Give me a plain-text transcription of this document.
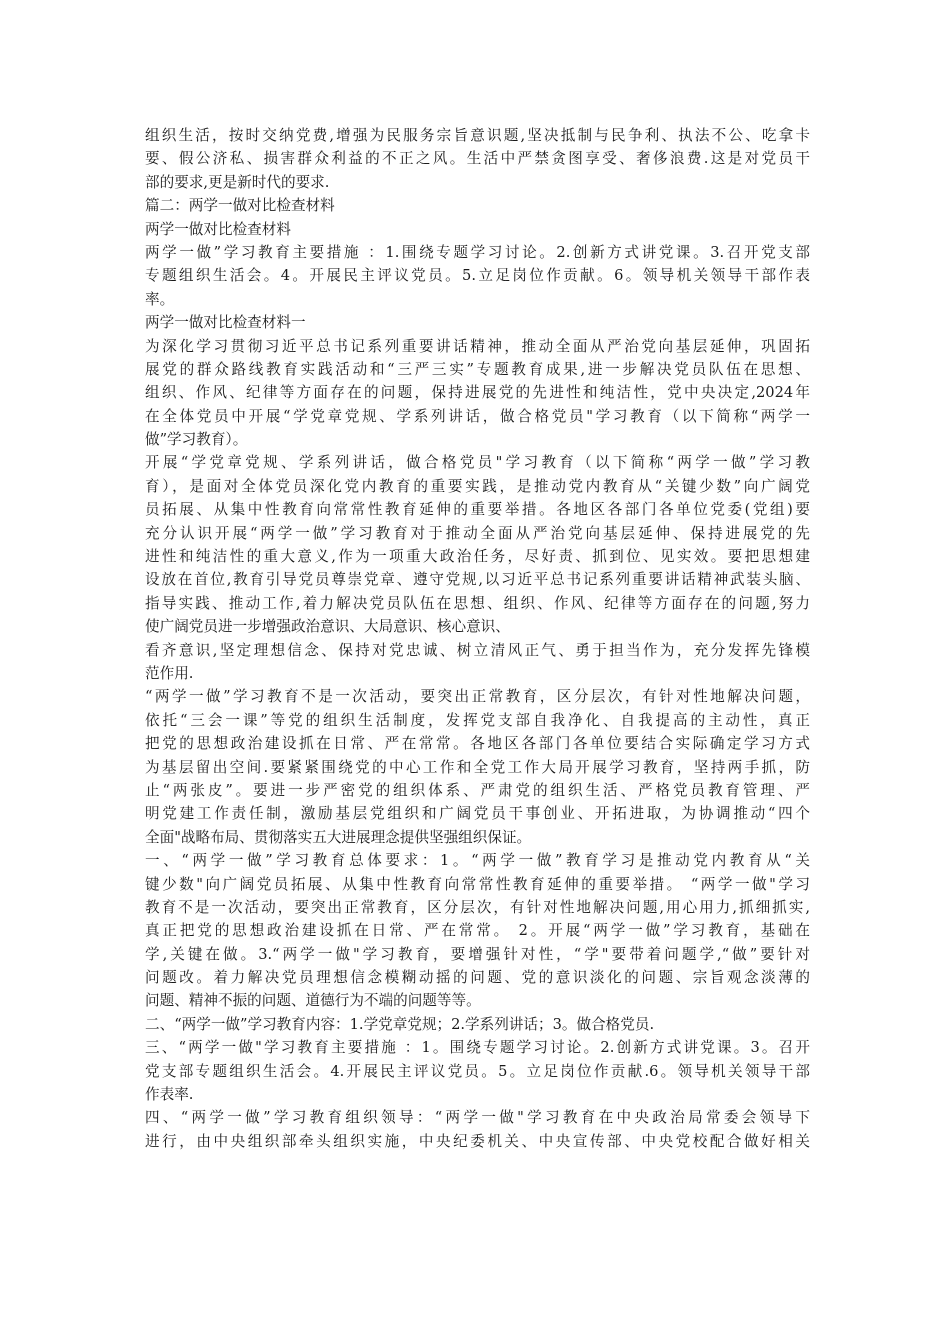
组织生活，按时交纳党费,增强为民服务宗旨意识题,坚决抵制与民争利、执法不公、吃拿卡
要、假公济私、损害群众利益的不正之风。生活中严禁贪图享受、奢侈浪费.这是对党员干
部的要求,更是新时代的要求.
篇二：两学一做对比检查材料
两学一做对比检查材料
两学一做”学习教育主要措施 ：1.围绕专题学习讨论。2.创新方式讲党课。3.召开党支部
专题组织生活会。4。开展民主评议党员。5.立足岗位作贡献。6。领导机关领导干部作表
率。
两学一做对比检查材料一
为深化学习贯彻习近平总书记系列重要讲话精神，推动全面从严治党向基层延伸，巩固拓
展党的群众路线教育实践活动和“三严三实”专题教育成果,进一步解决党员队伍在思想、
组织、作风、纪律等方面存在的问题，保持进展党的先进性和纯洁性，党中央决定,2024年
在全体党员中开展“学党章党规、学系列讲话，做合格党员"学习教育（以下简称“两学一
做”学习教育）。
开展“学党章党规、学系列讲话，做合格党员"学习教育（以下简称“两学一做”学习教
育），是面对全体党员深化党内教育的重要实践，是推动党内教育从“关键少数”向广阔党
员拓展、从集中性教育向常常性教育延伸的重要举措。各地区各部门各单位党委(党组)要
充分认识开展“两学一做”学习教育对于推动全面从严治党向基层延伸、保持进展党的先
进性和纯洁性的重大意义,作为一项重大政治任务，尽好责、抓到位、见实效。要把思想建
设放在首位,教育引导党员尊崇党章、遵守党规,以习近平总书记系列重要讲话精神武装头脑、
指导实践、推动工作,着力解决党员队伍在思想、组织、作风、纪律等方面存在的问题,努力
使广阔党员进一步增强政治意识、大局意识、核心意识、
看齐意识,坚定理想信念、保持对党忠诚、树立清风正气、勇于担当作为，充分发挥先锋模
范作用.
“两学一做”学习教育不是一次活动，要突出正常教育，区分层次，有针对性地解决问题，
依托“三会一课”等党的组织生活制度，发挥党支部自我净化、自我提高的主动性，真正
把党的思想政治建设抓在日常、严在常常。各地区各部门各单位要结合实际确定学习方式
为基层留出空间.要紧紧围绕党的中心工作和全党工作大局开展学习教育，坚持两手抓，防
止“两张皮”。要进一步严密党的组织体系、严肃党的组织生活、严格党员教育管理、严
明党建工作责任制，激励基层党组织和广阔党员干事创业、开拓进取，为协调推动“四个
全面"战略布局、贯彻落实五大进展理念提供坚强组织保证。
一、“两学一做”学习教育总体要求：1。“两学一做”教育学习是推动党内教育从“关
键少数"向广阔党员拓展、从集中性教育向常常性教育延伸的重要举措。 “两学一做"学习
教育不是一次活动，要突出正常教育，区分层次，有针对性地解决问题,用心用力,抓细抓实,
真正把党的思想政治建设抓在日常、严在常常。 2。开展“两学一做”学习教育，基础在
学,关键在做。3.“两学一做"学习教育，要增强针对性，“学"要带着问题学,“做”要针对
问题改。着力解决党员理想信念模糊动摇的问题、党的意识淡化的问题、宗旨观念淡薄的
问题、精神不振的问题、道德行为不端的问题等等。
二、“两学一做”学习教育内容：1.学党章党规；2.学系列讲话；3。做合格党员.
三、“两学一做"学习教育主要措施 ：1。围绕专题学习讨论。2.创新方式讲党课。3。召开
党支部专题组织生活会。4.开展民主评议党员。5。立足岗位作贡献.6。领导机关领导干部
作表率.
四、“两学一做”学习教育组织领导：“两学一做"学习教育在中央政治局常委会领导下
进行，由中央组织部牵头组织实施，中央纪委机关、中央宣传部、中央党校配合做好相关
